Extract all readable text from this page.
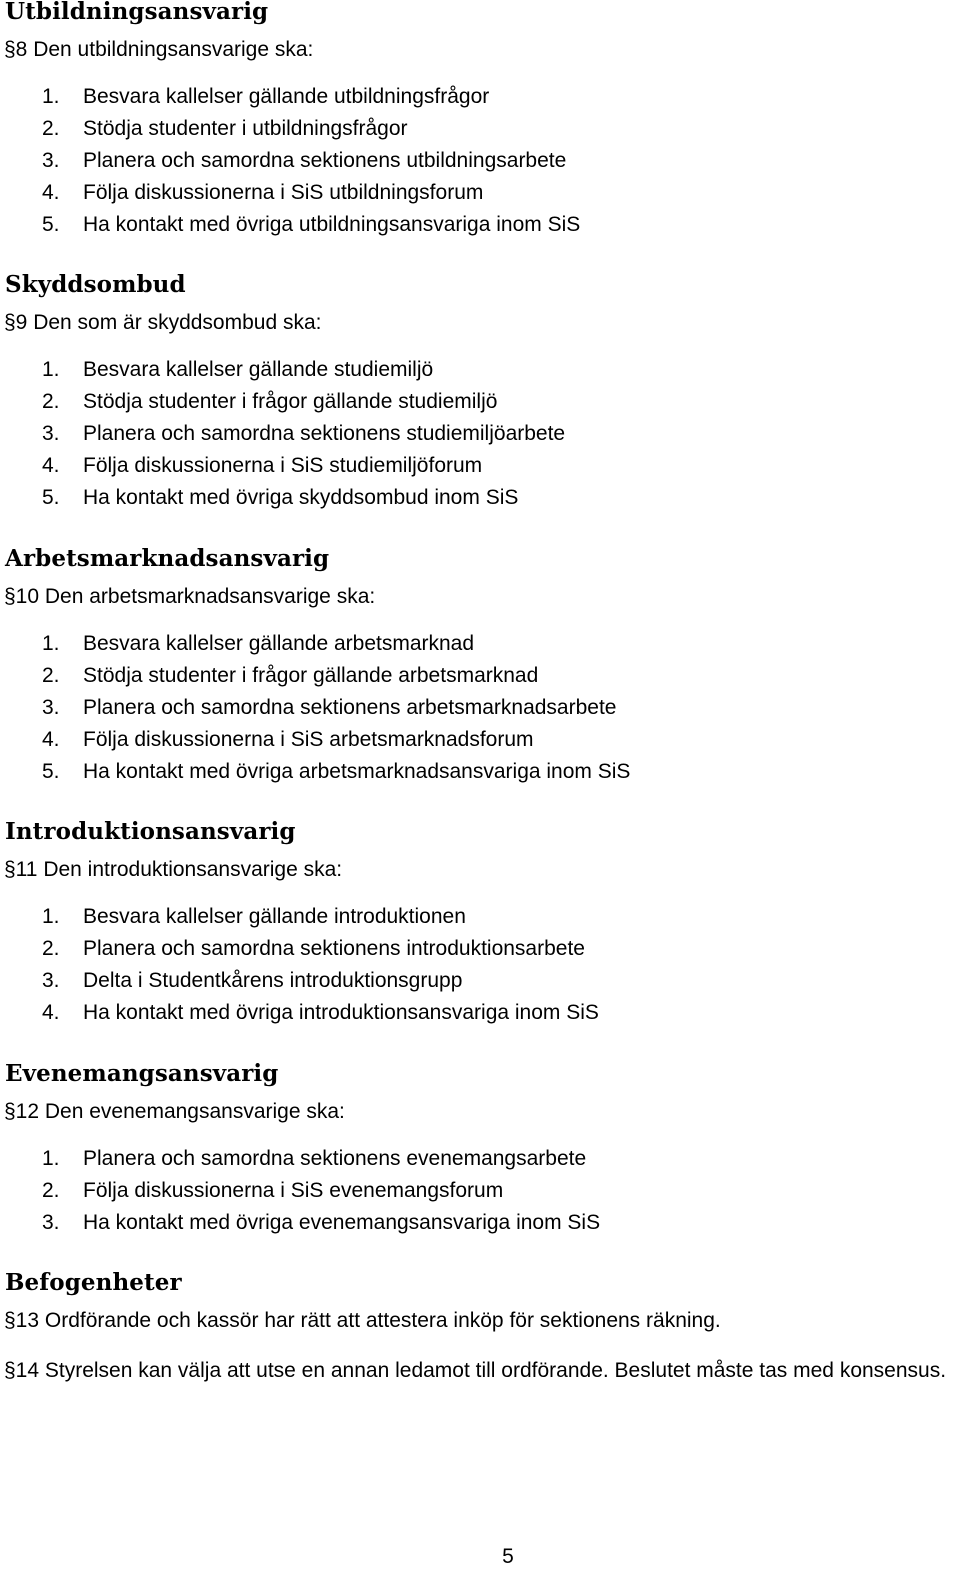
Utbildningsansvarig

§8 Den utbildningsansvarige ska:

1.	Besvara kallelser gällande utbildningsfrågor
2.	Stödja studenter i utbildningsfrågor
3.	Planera och samordna sektionens utbildningsarbete
4.	Följa diskussionerna i SiS utbildningsforum
5.	Ha kontakt med övriga utbildningsansvariga inom SiS
Skyddsombud

§9 Den som är skyddsombud ska:

1.	Besvara kallelser gällande studiemiljö
2.	Stödja studenter i frågor gällande studiemiljö
3.	Planera och samordna sektionens studiemiljöarbete
4.	Följa diskussionerna i SiS studiemiljöforum
5.	Ha kontakt med övriga skyddsombud inom SiS
Arbetsmarknadsansvarig

§10 Den arbetsmarknadsansvarige ska:

1.	Besvara kallelser gällande arbetsmarknad
2.	Stödja studenter i frågor gällande arbetsmarknad
3.	Planera och samordna sektionens arbetsmarknadsarbete
4.	Följa diskussionerna i SiS arbetsmarknadsforum
5.	Ha kontakt med övriga arbetsmarknadsansvariga inom SiS
Introduktionsansvarig

§11 Den introduktionsansvarige ska:

1.	Besvara kallelser gällande introduktionen
2.	Planera och samordna sektionens introduktionsarbete
3.	Delta i Studentkårens introduktionsgrupp
4.	Ha kontakt med övriga introduktionsansvariga inom SiS
Evenemangsansvarig

§12 Den evenemangsansvarige ska:

1.	Planera och samordna sektionens evenemangsarbete
2.	Följa diskussionerna i SiS evenemangsforum
3.	Ha kontakt med övriga evenemangsansvariga inom SiS
Befogenheter

§13 Ordförande och kassör har rätt att attestera inköp för sektionens räkning.

§14 Styrelsen kan välja att utse en annan ledamot till ordförande. Beslutet måste tas med konsensus.

5
